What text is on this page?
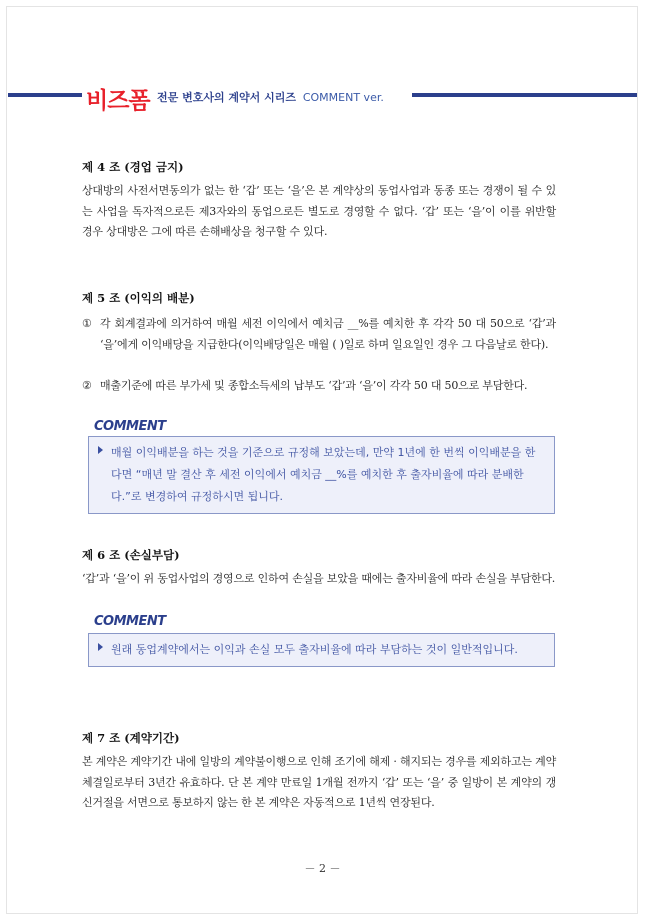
비즈폼 전문 변호사의 계약서 시리즈 COMMENT ver.
제 4 조 (경업 금지)
상대방의 사전서면동의가 없는 한 ‘갑’ 또는 ‘을’은 본 계약상의 동업사업과 동종 또는 경쟁이 될 수 있는 사업을 독자적으로든 제3자와의 동업으로든 별도로 경영할 수 없다. ‘갑’ 또는 ‘을’이 이를 위반할 경우 상대방은 그에 따른 손해배상을 청구할 수 있다.
제 5 조 (이익의 배분)
① 각 회계결과에 의거하여 매월 세전 이익에서 예치금 __%를 예치한 후 각각 50 대 50으로 ‘갑’과 ‘을’에게 이익배당을 지급한다(이익배당일은 매월 ( )일로 하며 일요일인 경우 그 다음날로 한다).
② 매출기준에 따른 부가세 및 종합소득세의 납부도 ‘갑’과 ‘을’이 각각 50 대 50으로 부담한다.
COMMENT
매월 이익배분을 하는 것을 기준으로 규정해 보았는데, 만약 1년에 한 번씩 이익배분을 한다면 “매년 말 결산 후 세전 이익에서 예치금 __%를 예치한 후 출자비율에 따라 분배한다.”로 변경하여 규정하시면 됩니다.
제 6 조 (손실부담)
‘갑’과 ‘을’이 위 동업사업의 경영으로 인하여 손실을 보았을 때에는 출자비율에 따라 손실을 부담한다.
COMMENT
원래 동업계약에서는 이익과 손실 모두 출자비율에 따라 부담하는 것이 일반적입니다.
제 7 조 (계약기간)
본 계약은 계약기간 내에 일방의 계약불이행으로 인해 조기에 해제 · 해지되는 경우를 제외하고는 계약체결일로부터 3년간 유효하다. 단 본 계약 만료일 1개월 전까지 ‘갑’ 또는 ‘을’ 중 일방이 본 계약의 갱신거절을 서면으로 통보하지 않는 한 본 계약은 자동적으로 1년씩 연장된다.
－ 2 －
